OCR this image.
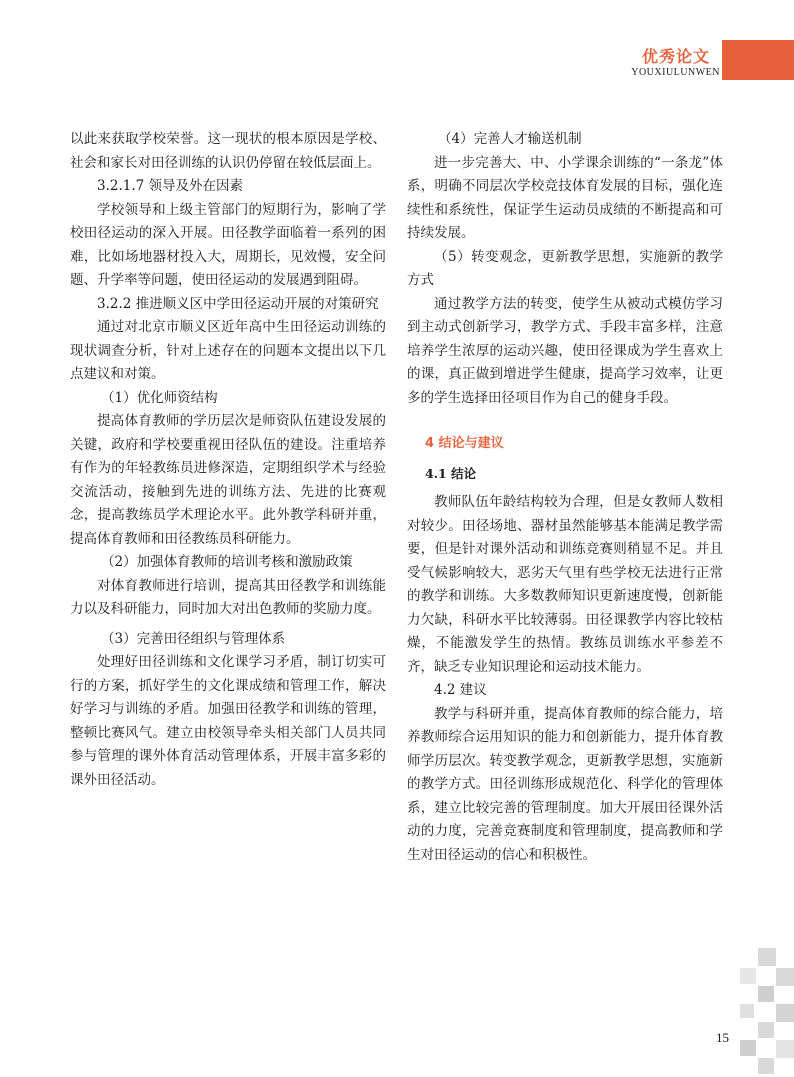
优秀论文
YOUXIULUNWEN

以此来获取学校荣誉。这一现状的根本原因是学校、社会和家长对田径训练的认识仍停留在较低层面上。

3.2.1.7 领导及外在因素

学校领导和上级主管部门的短期行为，影响了学校田径运动的深入开展。田径教学面临着一系列的困难，比如场地器材投入大，周期长，见效慢，安全问题、升学率等问题，使田径运动的发展遇到阻碍。

3.2.2 推进顺义区中学田径运动开展的对策研究

通过对北京市顺义区近年高中生田径运动训练的现状调查分析，针对上述存在的问题本文提出以下几点建议和对策。

（1）优化师资结构

提高体育教师的学历层次是师资队伍建设发展的关键，政府和学校要重视田径队伍的建设。注重培养有作为的年轻教练员进修深造，定期组织学术与经验交流活动，接触到先进的训练方法、先进的比赛观念，提高教练员学术理论水平。此外教学科研并重，提高体育教师和田径教练员科研能力。

（2）加强体育教师的培训考核和激励政策

对体育教师进行培训，提高其田径教学和训练能力以及科研能力，同时加大对出色教师的奖励力度。

（3）完善田径组织与管理体系

处理好田径训练和文化课学习矛盾，制订切实可行的方案，抓好学生的文化课成绩和管理工作，解决好学习与训练的矛盾。加强田径教学和训练的管理，整顿比赛风气。建立由校领导牵头相关部门人员共同参与管理的课外体育活动管理体系，开展丰富多彩的课外田径活动。

（4）完善人才输送机制

进一步完善大、中、小学课余训练的“一条龙”体系，明确不同层次学校竞技体育发展的目标，强化连续性和系统性，保证学生运动员成绩的不断提高和可持续发展。

（5）转变观念，更新教学思想，实施新的教学方式

通过教学方法的转变，使学生从被动式模仿学习到主动式创新学习，教学方式、手段丰富多样，注意培养学生浓厚的运动兴趣，使田径课成为学生喜欢上的课，真正做到增进学生健康，提高学习效率，让更多的学生选择田径项目作为自己的健身手段。

4 结论与建议
4.1 结论

教师队伍年龄结构较为合理，但是女教师人数相对较少。田径场地、器材虽然能够基本能满足教学需要，但是针对课外活动和训练竞赛则稍显不足。并且受气候影响较大，恶劣天气里有些学校无法进行正常的教学和训练。大多数教师知识更新速度慢，创新能力欠缺，科研水平比较薄弱。田径课教学内容比较枯燥，不能激发学生的热情。教练员训练水平参差不齐，缺乏专业知识理论和运动技术能力。

4.2 建议

教学与科研并重，提高体育教师的综合能力，培养教师综合运用知识的能力和创新能力，提升体育教师学历层次。转变教学观念，更新教学思想，实施新的教学方式。田径训练形成规范化、科学化的管理体系，建立比较完善的管理制度。加大开展田径课外活动的力度，完善竞赛制度和管理制度，提高教师和学生对田径运动的信心和积极性。

15
